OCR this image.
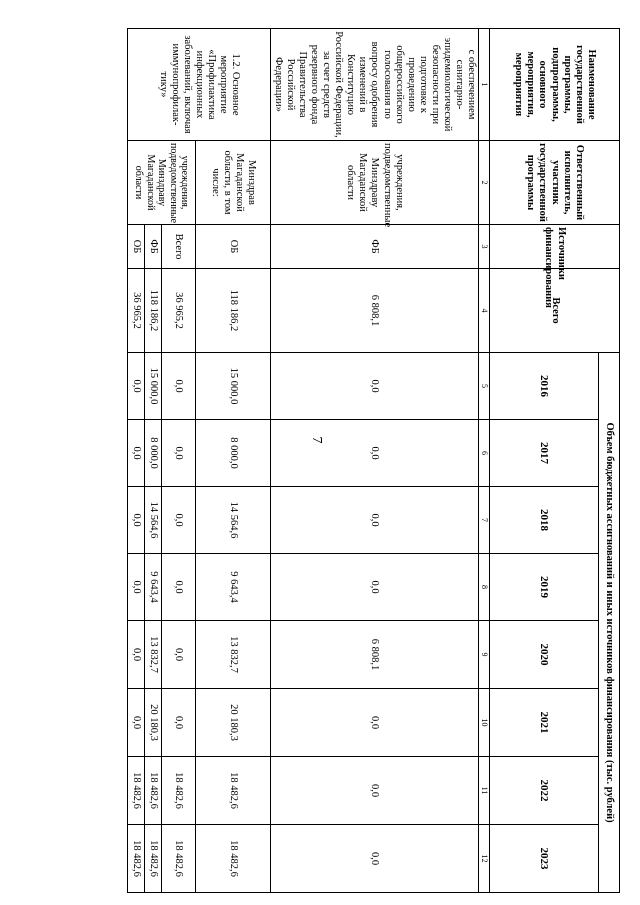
7
Наименование государственной программы, подпрограммы, основного мероприятия, мероприятия	Ответственный исполнитель, участник государственной программы	Источники финансирования	Всего	Объем бюджетных ассигнований и иных источников финансирования (тыс. рублей)							
				2016	2017	2018	2019	2020	2021	2022	2023
1	2	3	4	5	6	7	8	9	10	11	12
с обеспечением санитарно-эпидемиологической безопасности при подготовке к проведению общероссийского голосования по вопросу одобрения изменений в Конституцию Российской Федерации, за счет средств резервного фонда Правительства Российской Федерации»	учреждения, подведомственные Минздраву Магаданской области	ФБ	6 808,1	0,0	0,0	0,0	0,0	6 808,1	0,0	0,0	0,0
1.2. Основное мероприятие «Профилактика инфекционных заболеваний, включая иммунопрофилак-тику»	Минздрав Магаданской области, в том числе:	ОБ	118 186,2	15 000,0	8 000,0	14 564,6	9 643,4	13 832,7	20 180,3	18 482,6	18 482,6
	учреждения, подведомственные Минздраву Магаданской области	Всего	36 965,2	0,0	0,0	0,0	0,0	0,0	0,0	18 482,6	18 482,6
		ФБ	118 186,2	15 000,0	8 000,0	14 564,6	9 643,4	13 832,7	20 180,3	18 482,6	18 482,6
		ОБ	36 965,2	0,0	0,0	0,0	0,0	0,0	0,0	18 482,6	18 482,6
